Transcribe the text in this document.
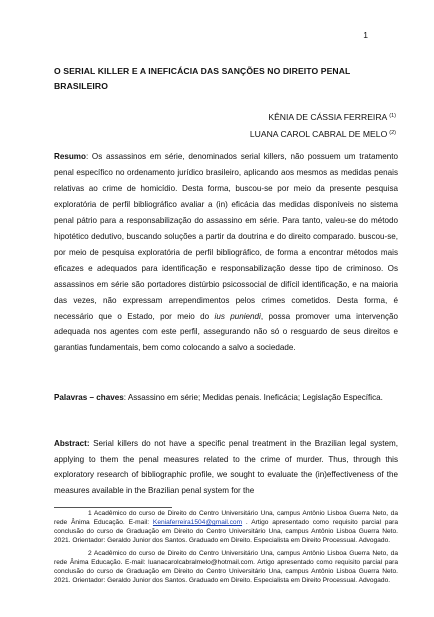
1
O SERIAL KILLER E A INEFICÁCIA DAS SANÇÕES NO DIREITO PENAL BRASILEIRO
KÊNIA DE CÁSSIA FERREIRA $^{(1)}$
LUANA CAROL CABRAL DE MELO $^{(2)}$
Resumo: Os assassinos em série, denominados serial killers, não possuem um tratamento penal específico no ordenamento jurídico brasileiro, aplicando aos mesmos as medidas penais relativas ao crime de homicídio. Desta forma, buscou-se por meio da presente pesquisa exploratória de perfil bibliográfico avaliar a (in) eficácia das medidas disponíveis no sistema penal pátrio para a responsabilização do assassino em série. Para tanto, valeu-se do método hipotético dedutivo, buscando soluções a partir da doutrina e do direito comparado. buscou-se, por meio de pesquisa exploratória de perfil bibliográfico, de forma a encontrar métodos mais eficazes e adequados para identificação e responsabilização desse tipo de criminoso. Os assassinos em série são portadores distúrbio psicossocial de difícil identificação, e na maioria das vezes, não expressam arrependimentos pelos crimes cometidos. Desta forma, é necessário que o Estado, por meio do ius puniendi, possa promover uma intervenção adequada nos agentes com este perfil, assegurando não só o resguardo de seus direitos e garantias fundamentais, bem como colocando a salvo a sociedade.
Palavras – chaves: Assassino em série; Medidas penais. Ineficácia; Legislação Específica.
Abstract: Serial killers do not have a specific penal treatment in the Brazilian legal system, applying to them the penal measures related to the crime of murder. Thus, through this exploratory research of bibliographic profile, we sought to evaluate the (in)effectiveness of the measures available in the Brazilian penal system for the
1 Acadêmico do curso de Direito do Centro Universitário Una, campus Antônio Lisboa Guerra Neto, da rede Ânima Educação. E-mail: Keniaferreira1504@gmail.com . Artigo apresentado como requisito parcial para conclusão do curso de Graduação em Direito do Centro Universitário Una, campus Antônio Lisboa Guerra Neto. 2021. Orientador: Geraldo Junior dos Santos. Graduado em Direito. Especialista em Direito Processual. Advogado.
2 Acadêmico do curso de Direito do Centro Universitário Una, campus Antônio Lisboa Guerra Neto, da rede Ânima Educação. E-mail: luanacarolcabralmelo@hotmail.com. Artigo apresentado como requisito parcial para conclusão do curso de Graduação em Direito do Centro Universitário Una, campus Antônio Lisboa Guerra Neto. 2021. Orientador: Geraldo Junior dos Santos. Graduado em Direito. Especialista em Direito Processual. Advogado.
